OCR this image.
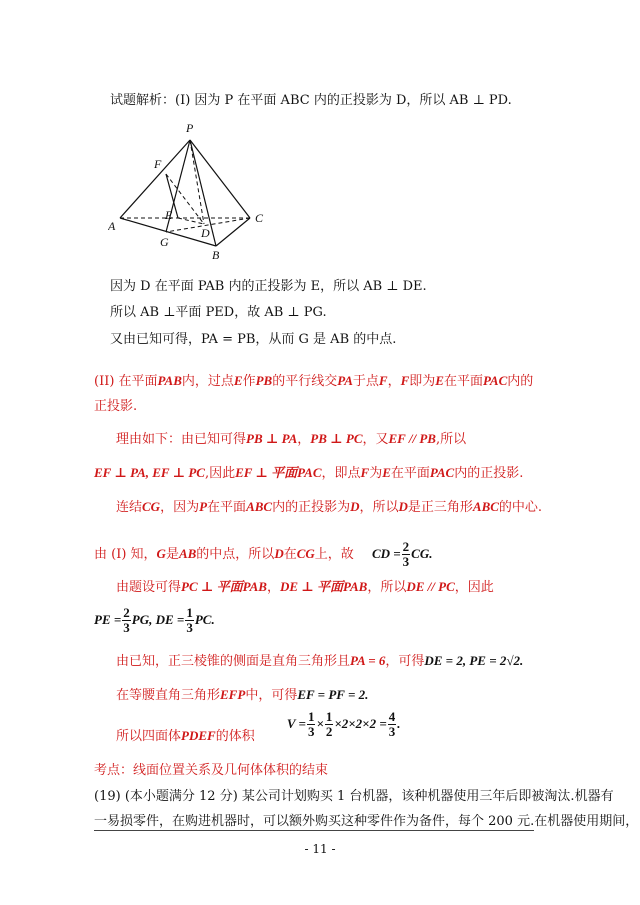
试题解析：(I) 因为 P 在平面 ABC 内的正投影为 D，所以 AB ⊥ PD.
P
F
E	C
A	D
G
B
因为 D 在平面 PAB 内的正投影为 E，所以 AB ⊥ DE.
所以 AB ⊥平面 PED，故 AB ⊥ PG.
又由已知可得，PA = PB，从而 G 是 AB 的中点.
(II) 在平面PAB内，过点E作PB的平行线交PA于点F，F即为E在平面PAC内的
正投影.
理由如下：由已知可得PB ⊥ PA，PB ⊥ PC，又EF // PB,所以
EF ⊥ PA, EF ⊥ PC,因此EF ⊥ 平面PAC，即点F为E在平面PAC内的正投影.
连结CG，因为P在平面ABC内的正投影为D，所以D是正三角形ABC的中心.
由 (I) 知，G是AB的中点，所以D在CG上，故 CD = $\frac{2}{3}$ CG.
由题设可得PC ⊥ 平面PAB，DE ⊥ 平面PAB，所以DE // PC，因此
PE = $\frac{2}{3}$ PG, DE = $\frac{1}{3}$ PC.
由已知，正三棱锥的侧面是直角三角形且PA = 6，可得DE = 2, PE = 2√2.
在等腰直角三角形EFP中，可得EF = PF = 2.
所以四面体PDEF的体积 $V = \frac{1}{3} \times \frac{1}{2} \times 2\times 2\times 2 = \frac{4}{3}$ .
考点：线面位置关系及几何体体积的结束
(19) (本小题满分 12 分) 某公司计划购买 1 台机器，该种机器使用三年后即被淘汰.机器有
一易损零件，在购进机器时，可以额外购买这种零件作为备件，每个 200 元.在机器使用期间，
- 11 -
